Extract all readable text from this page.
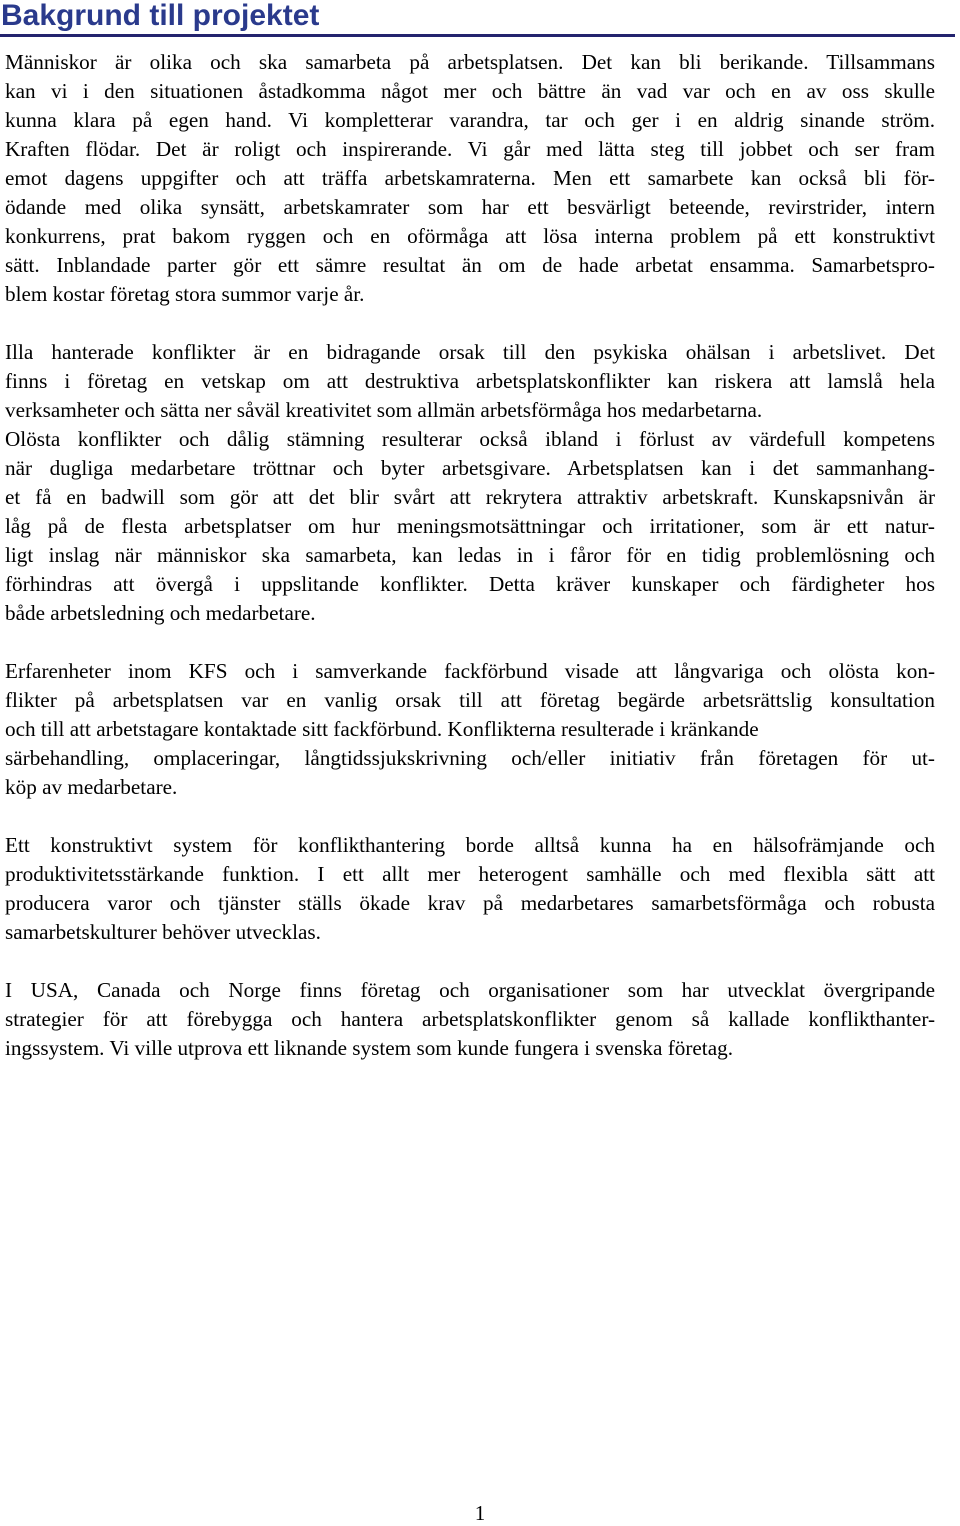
Bakgrund till projektet
Människor är olika och ska samarbeta på arbetsplatsen. Det kan bli berikande. Tillsammans
kan vi i den situationen åstadkomma något mer och bättre än vad var och en av oss skulle
kunna klara på egen hand. Vi kompletterar varandra, tar och ger i en aldrig sinande ström.
Kraften flödar. Det är roligt och inspirerande. Vi går med lätta steg till jobbet och ser fram
emot dagens uppgifter och att träffa arbetskamraterna. Men ett samarbete kan också bli för-
ödande med olika synsätt, arbetskamrater som har ett besvärligt beteende, revirstrider, intern
konkurrens, prat bakom ryggen och en oförmåga att lösa interna problem på ett konstruktivt
sätt. Inblandade parter gör ett sämre resultat än om de hade arbetat ensamma. Samarbetspro-
blem kostar företag stora summor varje år.
Illa hanterade konflikter är en bidragande orsak till den psykiska ohälsan i arbetslivet. Det
finns i företag en vetskap om att destruktiva arbetsplatskonflikter kan riskera att lamslå hela
verksamheter och sätta ner såväl kreativitet som allmän arbetsförmåga hos medarbetarna.
Olösta konflikter och dålig stämning resulterar också ibland i förlust av värdefull kompetens
när dugliga medarbetare tröttnar och byter arbetsgivare. Arbetsplatsen kan i det sammanhang-
et få en badwill som gör att det blir svårt att rekrytera attraktiv arbetskraft. Kunskapsnivån är
låg på de flesta arbetsplatser om hur meningsmotsättningar och irritationer, som är ett natur-
ligt inslag när människor ska samarbeta, kan ledas in i fåror för en tidig problemlösning och
förhindras att övergå i uppslitande konflikter. Detta kräver kunskaper och färdigheter hos
både arbetsledning och medarbetare.
Erfarenheter inom KFS och i samverkande fackförbund visade att långvariga och olösta kon-
flikter på arbetsplatsen var en vanlig orsak till att företag begärde arbetsrättslig konsultation
och till att arbetstagare kontaktade sitt fackförbund. Konflikterna resulterade i kränkande
särbehandling, omplaceringar, långtidssjukskrivning och/eller initiativ från företagen för ut-
köp av medarbetare.
Ett konstruktivt system för konflikthantering borde alltså kunna ha en hälsofrämjande och
produktivitetsstärkande funktion. I ett allt mer heterogent samhälle och med flexibla sätt att
producera varor och tjänster ställs ökade krav på medarbetares samarbetsförmåga och robusta
samarbetskulturer behöver utvecklas.
I USA, Canada och Norge finns företag och organisationer som har utvecklat övergripande
strategier för att förebygga och hantera arbetsplatskonflikter genom så kallade konflikthanter-
ingssystem. Vi ville utprova ett liknande system som kunde fungera i svenska företag.
1
